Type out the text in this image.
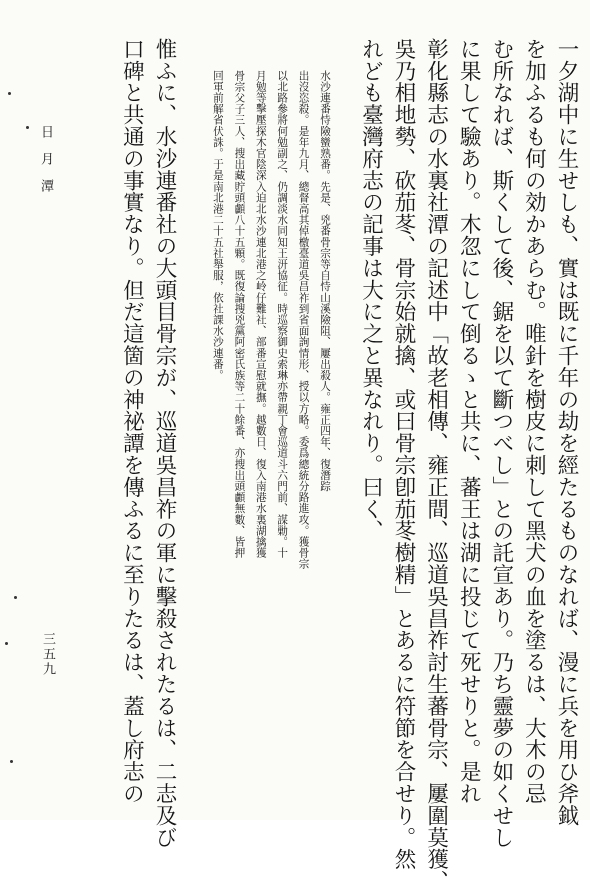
一夕湖中に生せしも、實は既に千年の劫を經たるものなれば、漫に兵を用ひ斧鉞
を加ふるも何の効かあらむ。唯針を樹皮に刺して黑犬の血を塗るは、大木の忌
む所なれば、斯くして後、鋸を以て斷つべし」との託宣あり。乃ち靈夢の如くせし
に果して驗あり。木忽にして倒るゝと共に、蕃王は湖に投じて死せりと。是れ
彰化縣志の水裏社潭の記述中「故老相傳、雍正間、巡道吳昌祚討生蕃骨宗、屢圍莫獲、
吳乃相地勢、砍茄苳、骨宗始就擒、或曰骨宗卽茄苳樹精」とあるに符節を合せり。然
れども臺灣府志の記事は大に之と異なれり。曰く、
水沙連番恃險蠻熟番。先是、兇番骨宗等自恃山溪險阻、屢出殺人。雍正四年、復潛踪
出沒恣殺。是年九月、總督高其倬檄臺道吳昌祚到省面詢情形、授以方略。委爲總統分路進攻。獲骨宗
以北路參將何勉副之、仍調淡水同知王汧協征。時巡察御史索琳亦帶親丁會巡道斗六門前、謀勦。十
月勉等擊壓探木官陰深入迫北水沙連北港之岭仔難社、部番宣慰就撫。越數日、復入南港水裏湖擒獲
骨宗父子三人、搜出藏貯頭顱八十五顆。既復論搜兇黨阿密氏族等二十餘番、亦搜出頭顱無數、皆押
回軍前解省伏誅。于是南北港二十五社舉服，依社課水沙連番。
惟ふに、水沙連番社の大頭目骨宗が、巡道吳昌祚の軍に擊殺されたるは、二志及び
口碑と共通の事實なり。但だ這箇の神祕譚を傳ふるに至りたるは、蓋し府志の
日月潭
三五九
